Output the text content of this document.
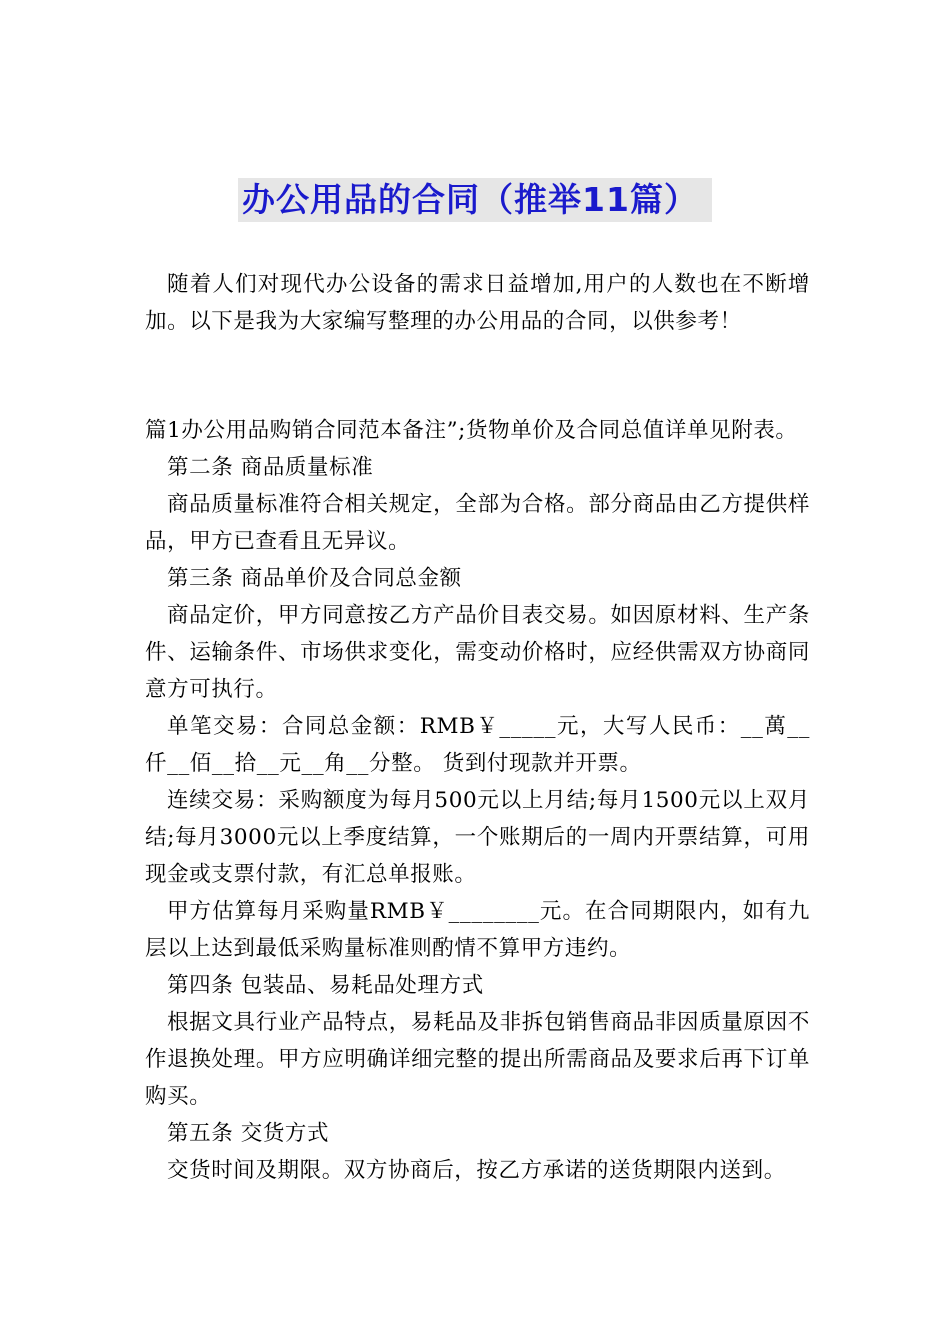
办公用品的合同（推举11篇）

随着人们对现代办公设备的需求日益增加,用户的人数也在不断增加。以下是我为大家编写整理的办公用品的合同，以供参考！

篇1办公用品购销合同范本备注”;货物单价及合同总值详单见附表。

第二条 商品质量标准

商品质量标准符合相关规定，全部为合格。部分商品由乙方提供样品，甲方已查看且无异议。

第三条 商品单价及合同总金额

商品定价，甲方同意按乙方产品价目表交易。如因原材料、生产条件、运输条件、市场供求变化，需变动价格时，应经供需双方协商同意方可执行。

单笔交易：合同总金额：RMB￥_____元，大写人民币：__萬__仟__佰__拾__元__角__分整。 货到付现款并开票。

连续交易：采购额度为每月500元以上月结;每月1500元以上双月结;每月3000元以上季度结算，一个账期后的一周内开票结算，可用现金或支票付款，有汇总单报账。

甲方估算每月采购量RMB￥________元。在合同期限内，如有九层以上达到最低采购量标准则酌情不算甲方违约。

第四条 包装品、易耗品处理方式

根据文具行业产品特点，易耗品及非拆包销售商品非因质量原因不作退换处理。甲方应明确详细完整的提出所需商品及要求后再下订单购买。

第五条 交货方式

交货时间及期限。双方协商后，按乙方承诺的送货期限内送到。
